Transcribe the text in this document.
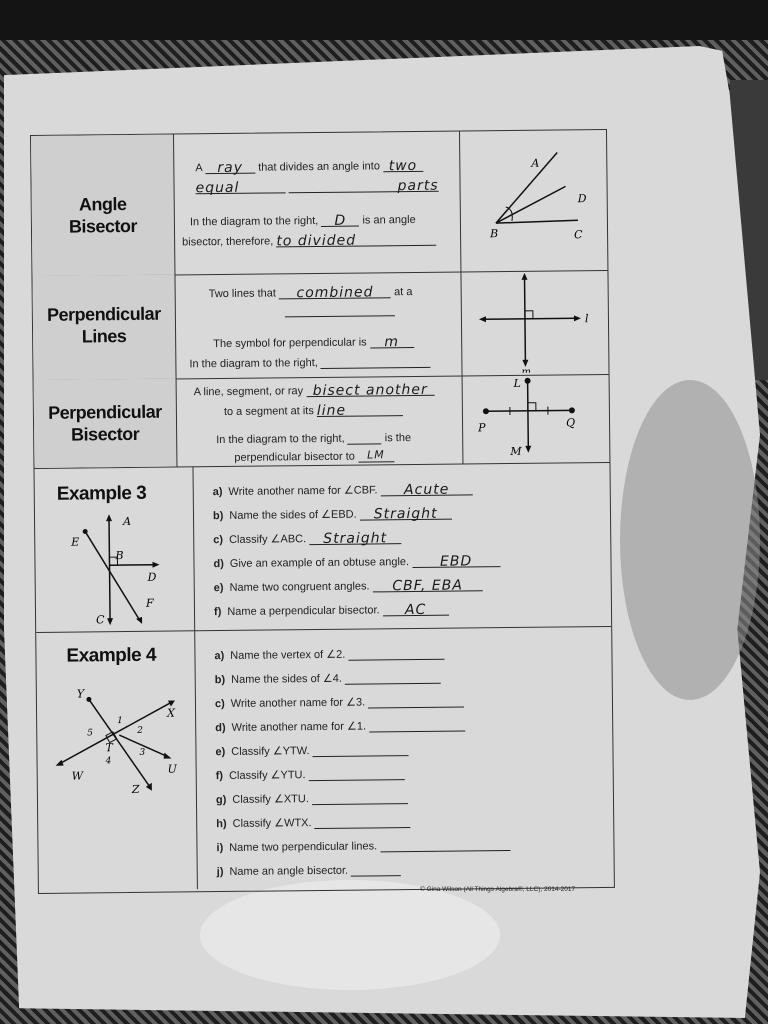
Angle Bisector
A ray that divides an angle into two
equal	parts
In the diagram to the right, D is an angle
bisector, therefore, to divided
A
D
B	C
Perpendicular Lines
Two lines that combined at a
The symbol for perpendicular is m
In the diagram to the right,
l
m
Perpendicular Bisector
A line, segment, or ray bisect another
to a segment at its line
In the diagram to the right,	is the
perpendicular bisector to LM
L
P	Q
M
Example 3
A
E
B
D
F
C
a) Write another name for ∠CBF. Acute
b) Name the sides of ∠EBD. Straight
c) Classify ∠ABC. Straight
d) Give an example of an obtuse angle. EBD
e) Name two congruent angles. CBF, EBA
f) Name a perpendicular bisector. AC
Example 4
Y
X
1
2
5
T	3
4
U
W
Z
a) Name the vertex of ∠2.
b) Name the sides of ∠4.
c) Write another name for ∠3.
d) Write another name for ∠1.
e) Classify ∠YTW.
f) Classify ∠YTU.
g) Classify ∠XTU.
h) Classify ∠WTX.
i) Name two perpendicular lines.
j) Name an angle bisector.
© Gina Wilson (All Things Algebra®, LLC), 2014-2017
